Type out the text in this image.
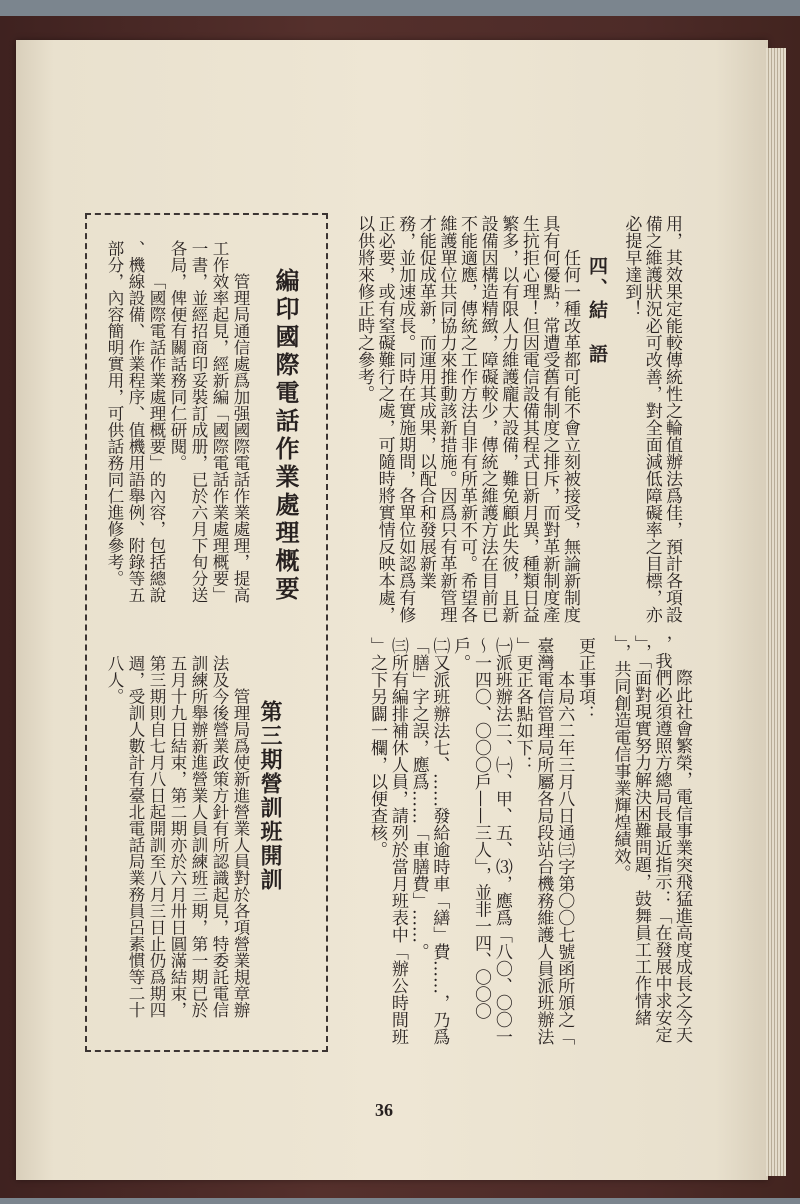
用，其效果定能較傳統性之輪值辦法爲佳，預計各項設
備之維護狀況必可改善，對全面減低障礙率之目標，亦
必提早達到！
四、結　語
任何一種改革都可能不會立刻被接受，無論新制度
具有何優點，常遭受舊有制度之排斥，而對革新制度產
生抗拒心理！但因電信設備其程式日新月異，種類日益
繁多，以有限人力維護龐大設備，難免顧此失彼，且新
設備因構造精緻，障礙較少，傳統之維護方法在目前已
不能適應，傳統之工作方法自非有所革新不可。希望各
維護單位共同協力來推動該新措施。因爲只有革新管理
才能促成革新，而運用其成果，以配合和發展新業
務，並加速成長。同時在實施期間，各單位如認爲有修
正必要，或有窒礙難行之處，可隨時將實情反映本處，
以供將來修正時之參考。
編印國際電話作業處理概要
管理局通信處爲加强國際電話作業處理，提高
工作效率起見，經新編「國際電話作業處理概要」
一書，並經招商印妥裝訂成册，已於六月下旬分送
各局，俾便有關話務同仁研閱。
「國際電話作業處理概要」的內容，包括總說
、機線設備、作業程序、值機用語舉例、附錄等五
部分，內容簡明實用，可供話務同仁進修參考。
第三期營訓班開訓
管理局爲使新進營業人員對於各項營業規章辦
法及今後營業政策方針有所認識起見，特委託電信
訓練所舉辦新進營業人員訓練班三期，第一期已於
五月十九日結束，第二期亦於六月卅日圓滿結束，
第三期則自七月八日起開訓至八月三日止仍爲期四
週，受訓人數計有臺北電話局業務員呂素慣等二十
八人。	際此社會繁榮，電信事業突飛猛進高度成長之今天
，我們必須遵照方總局長最近指示：「在發展中求安定
」，「面對現實努力解決困難問題，鼓舞員工工作情緒
」，共同創造電信事業輝煌績效。
更正事項：
本局六二年三月八日通㈢字第〇〇七號函所頒之「
臺灣電信管理局所屬各局段站台機務維護人員派班辦法
」更正各點如下：
㈠派班辦法二、㈠、甲、五、⑶，應爲「八〇、〇〇一
～一四〇、〇〇〇戶——三人」，並非一四、〇〇〇
戶。
㈡又派班辦法七、……發給逾時車「繕」費……，乃爲
「膳」字之誤，應爲……「車膳費」……。
㈢所有編排補休人員，請列於當月班表中「辦公時間班
」之下另闢一欄，以便查核。
36
